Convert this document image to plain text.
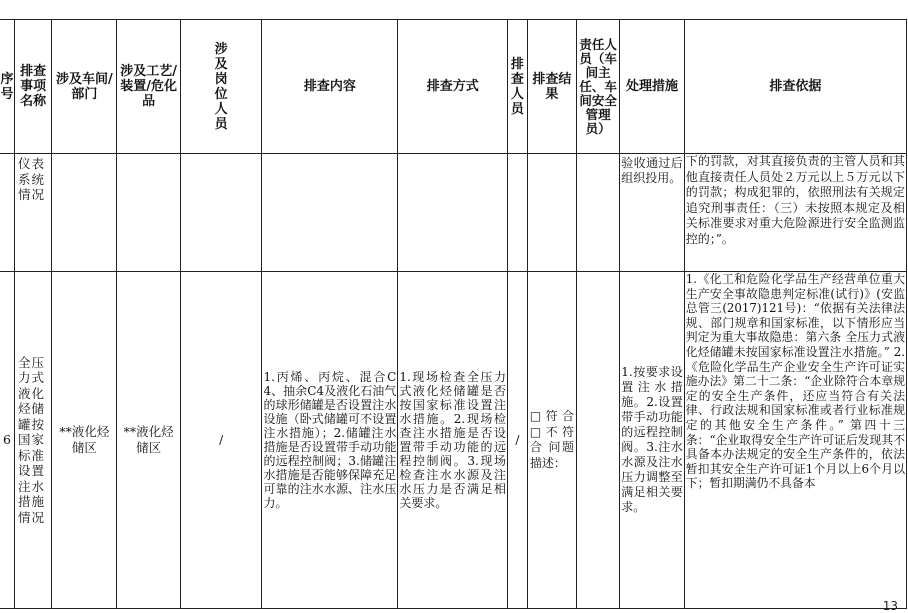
序号	排查事项名称	涉及车间/部门	涉及工艺/装置/危化品	涉及岗位人员	排查内容	排查方式	排查人员	排查结果	责任人员（车间主任、车间安全管理员）	处理措施	排查依据

	仪表系统情况									验收通过后组织投用。	下的罚款，对其直接负责的主管人员和其他直接责任人员处２万元以上５万元以下的罚款；构成犯罪的，依照刑法有关规定追究刑事责任：（三）未按照本规定及相关标准要求对重大危险源进行安全监测监控的；”。

6	全压力式液化烃储罐按国家标准设置注水措施情况	**液化烃储区	**液化烃储区	/	1.丙烯、丙烷、混合C4、抽余C4及液化石油气的球形储罐是否设置注水设施（卧式储罐可不设置注水措施）；2.储罐注水措施是否设置带手动功能的远程控制阀；3.储罐注水措施是否能够保障充足可靠的注水水源、注水压力。	1.现场检查全压力式液化烃储罐是否按国家标准设置注水措施。2.现场检查注水措施是否设置带手动功能的远程控制阀。3.现场检查注水水源及注水压力是否满足相关要求。	/	□符合 □不符合 问题描述：		1.按要求设置注水措施。2.设置带手动功能的远程控制阀。3.注水水源及注水压力调整至满足相关要求。	1.《化工和危险化学品生产经营单位重大生产安全事故隐患判定标准(试行)》(安监总管三(2017)121号)：“依据有关法律法规、部门规章和国家标准，以下情形应当判定为重大事故隐患：第六条 全压力式液化烃储罐未按国家标准设置注水措施。” 2.《危险化学品生产企业安全生产许可证实施办法》第二十二条：“企业除符合本章规定的安全生产条件，还应当符合有关法律、行政法规和国家标准或者行业标准规定的其他安全生产条件。” 第四十三条：“企业取得安全生产许可证后发现其不具备本办法规定的安全生产条件的，依法暂扣其安全生产许可证1个月以上6个月以下；暂扣期满仍不具备本
13
